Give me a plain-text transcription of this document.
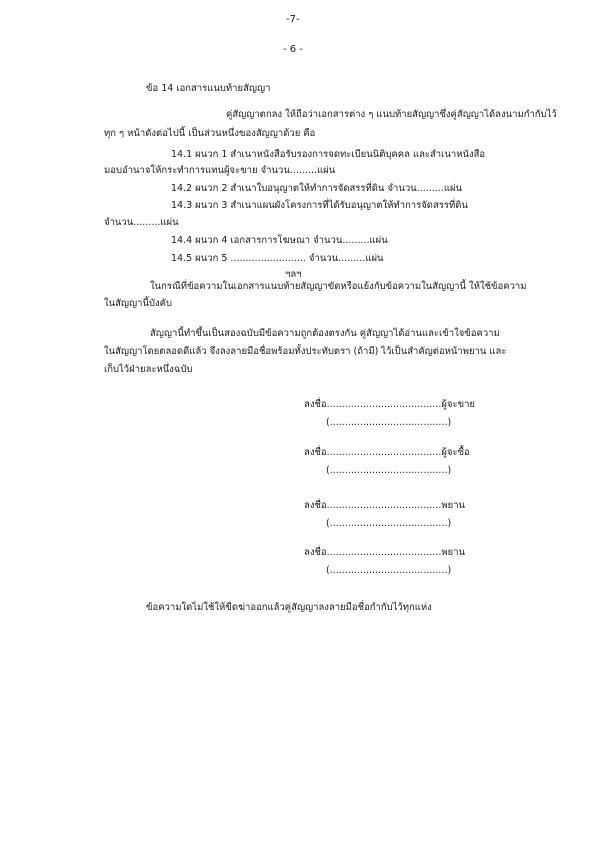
-7-
- 6 -
ข้อ 14 เอกสารแนบท้ายสัญญา
คู่สัญญาตกลง ให้ถือว่าเอกสารต่าง ๆ แนบท้ายสัญญาซึ่งคู่สัญญาได้ลงนามกำกับไว้
ทุก ๆ หน้าดังต่อไปนี้ เป็นส่วนหนึ่งของสัญญาด้วย คือ
14.1 ผนวก 1 สำเนาหนังสือรับรองการจดทะเบียนนิติบุคคล และสำเนาหนังสือ
มอบอำนาจให้กระทำการแทนผู้จะขาย จำนวน.........แผ่น
14.2 ผนวก 2 สำเนาใบอนุญาตให้ทำการจัดสรรที่ดิน จำนวน.........แผ่น
14.3 ผนวก 3 สำเนาแผนผังโครงการที่ได้รับอนุญาตให้ทำการจัดสรรที่ดิน
จำนวน.........แผ่น
14.4 ผนวก 4 เอกสารการโฆษณา จำนวน.........แผ่น
14.5 ผนวก 5 ......................... จำนวน.........แผ่น
ฯลฯ
ในกรณีที่ข้อความในเอกสารแนบท้ายสัญญาขัดหรือแย้งกับข้อความในสัญญานี้ ให้ใช้ข้อความ
ในสัญญานี้บังคับ
สัญญานี้ทำขึ้นเป็นสองฉบับมีข้อความถูกต้องตรงกัน คู่สัญญาได้อ่านและเข้าใจข้อความ
ในสัญญาโดยตลอดดีแล้ว จึงลงลายมือชื่อพร้อมทั้งประทับตรา (ถ้ามี) ไว้เป็นสำคัญต่อหน้าพยาน และ
เก็บไว้ฝ่ายละหนึ่งฉบับ
ลงชื่อ......................................ผู้จะขาย
(.......................................)
ลงชื่อ......................................ผู้จะซื้อ
(.......................................)
ลงชื่อ......................................พยาน
(.......................................)
ลงชื่อ......................................พยาน
(.......................................)
ข้อความใดไม่ใช้ให้ขีดฆ่าออกแล้วคู่สัญญาลงลายมือชื่อกำกับไว้ทุกแห่ง
